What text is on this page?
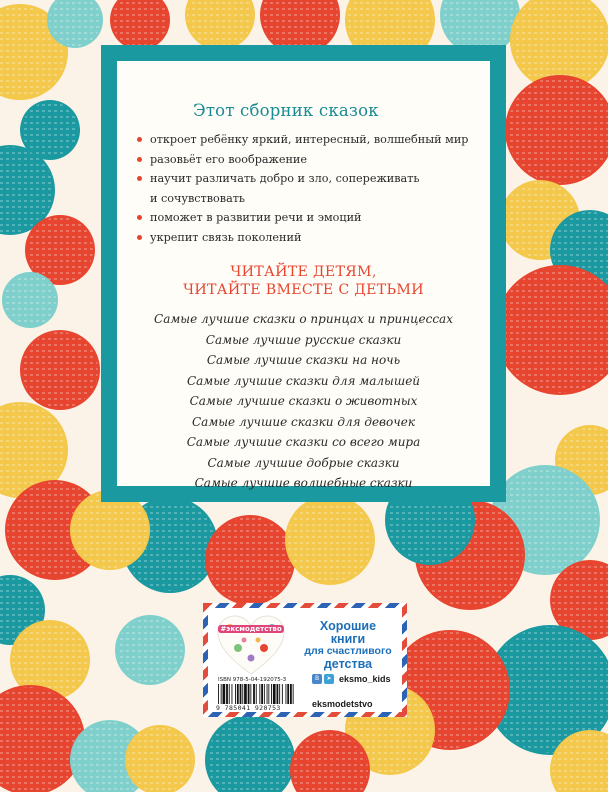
Этот сборник сказок
откроет ребёнку яркий, интересный, волшебный мир
разовьёт его воображение
научит различать добро и зло, сопереживать
и сочувствовать
поможет в развитии речи и эмоций
укрепит связь поколений
ЧИТАЙТЕ ДЕТЯМ,
ЧИТАЙТЕ ВМЕСТЕ С ДЕТЬМИ
Самые лучшие сказки о принцах и принцессах
Самые лучшие русские сказки
Самые лучшие сказки на ночь
Самые лучшие сказки для малышей
Самые лучшие сказки о животных
Самые лучшие сказки для девочек
Самые лучшие сказки со всего мира
Самые лучшие добрые сказки
Самые лучшие волшебные сказки
#эксмодетство	Хорошие
книги
для счастливого
детства
ISBN 978-5-04-192075-3
9 785041 920753
В	➤ eksmo_kids
eksmodetstvo
